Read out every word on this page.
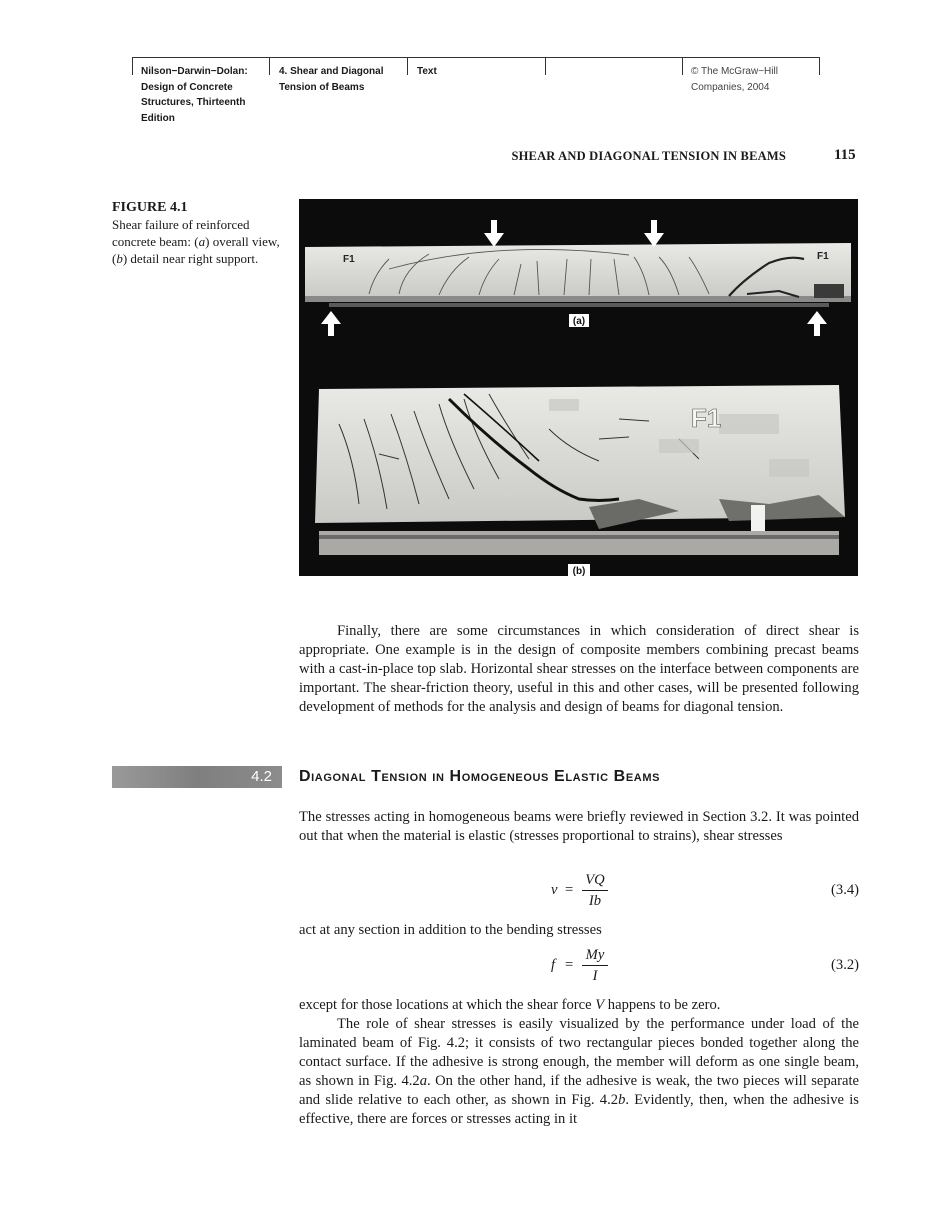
Nilson−Darwin−Dolan:
Design of Concrete
Structures, Thirteenth
Edition
4. Shear and Diagonal
Tension of Beams
Text	© The McGraw−Hill
Companies, 2004
SHEAR AND DIAGONAL TENSION IN BEAMS	115
FIGURE 4.1
Shear failure of reinforced concrete beam: (a) overall view, (b) detail near right support.	F1	F1
(a)
F1
(b)
Finally, there are some circumstances in which consideration of direct shear is appropriate. One example is in the design of composite members combining precast beams with a cast-in-place top slab. Horizontal shear stresses on the interface between components are important. The shear-friction theory, useful in this and other cases, will be presented following development of methods for the analysis and design of beams for diagonal tension.
4.2 Diagonal Tension in Homogeneous Elastic Beams
The stresses acting in homogeneous beams were briefly reviewed in Section 3.2. It was pointed out that when the material is elastic (stresses proportional to strains), shear stresses
v =
VQ
Ib
(3.4)
act at any section in addition to the bending stresses
f =
My
I
(3.2)
except for those locations at which the shear force V happens to be zero.
The role of shear stresses is easily visualized by the performance under load of the laminated beam of Fig. 4.2; it consists of two rectangular pieces bonded together along the contact surface. If the adhesive is strong enough, the member will deform as one single beam, as shown in Fig. 4.2a. On the other hand, if the adhesive is weak, the two pieces will separate and slide relative to each other, as shown in Fig. 4.2b. Evidently, then, when the adhesive is effective, there are forces or stresses acting in it
